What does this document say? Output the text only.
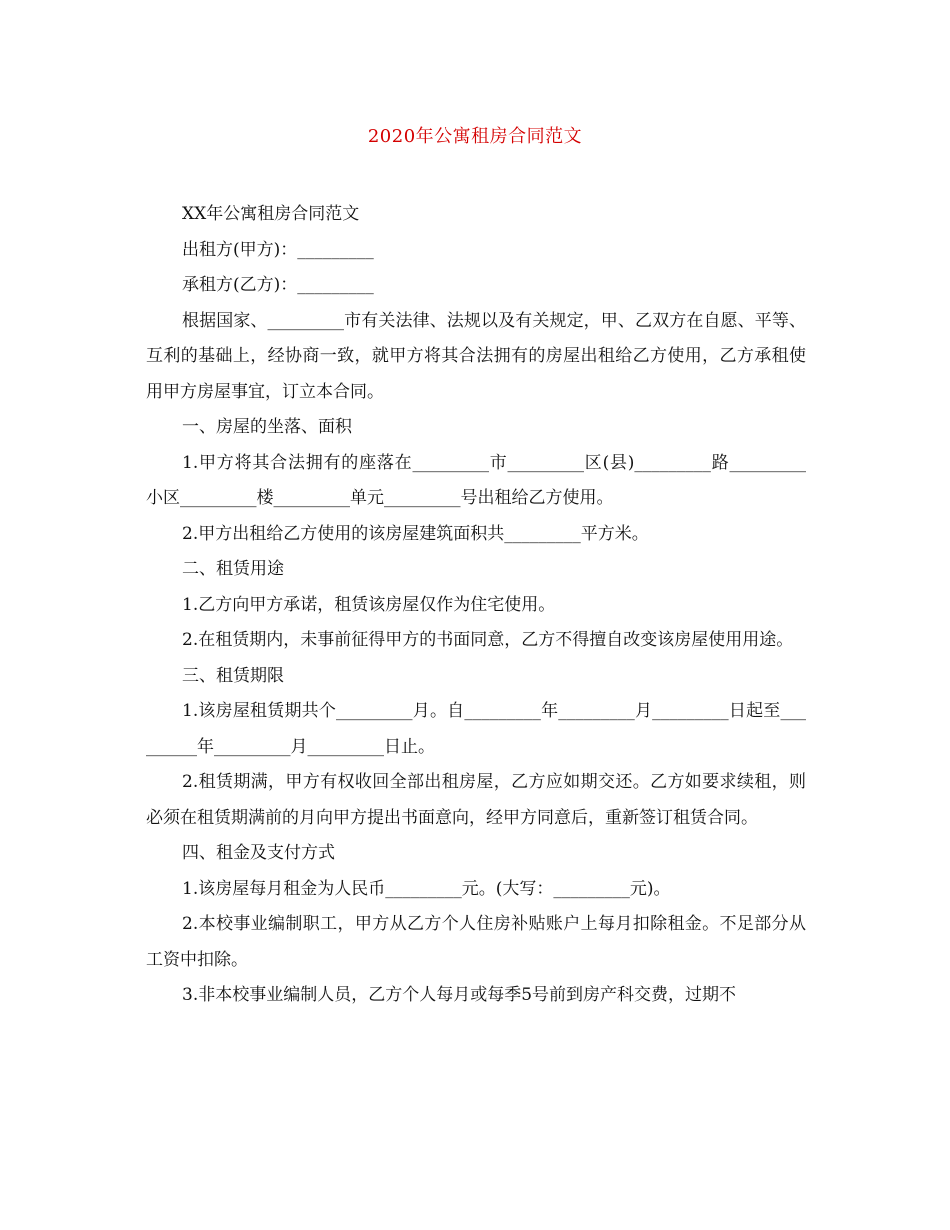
2020年公寓租房合同范文

XX年公寓租房合同范文

出租方(甲方)：_________

承租方(乙方)：_________

根据国家、_________市有关法律、法规以及有关规定，甲、乙双方在自愿、平等、互利的基础上，经协商一致，就甲方将其合法拥有的房屋出租给乙方使用，乙方承租使用甲方房屋事宜，订立本合同。

一、房屋的坐落、面积

1.甲方将其合法拥有的座落在_________市_________区(县)_________路_________小区_________楼_________单元_________号出租给乙方使用。

2.甲方出租给乙方使用的该房屋建筑面积共_________平方米。

二、租赁用途

1.乙方向甲方承诺，租赁该房屋仅作为住宅使用。

2.在租赁期内，未事前征得甲方的书面同意，乙方不得擅自改变该房屋使用用途。

三、租赁期限

1.该房屋租赁期共个_________月。自_________年_________月_________日起至_________年_________月_________日止。

2.租赁期满，甲方有权收回全部出租房屋，乙方应如期交还。乙方如要求续租，则必须在租赁期满前的月向甲方提出书面意向，经甲方同意后，重新签订租赁合同。

四、租金及支付方式

1.该房屋每月租金为人民币_________元。(大写：_________元)。

2.本校事业编制职工，甲方从乙方个人住房补贴账户上每月扣除租金。不足部分从工资中扣除。

3.非本校事业编制人员，乙方个人每月或每季5号前到房产科交费，过期不
